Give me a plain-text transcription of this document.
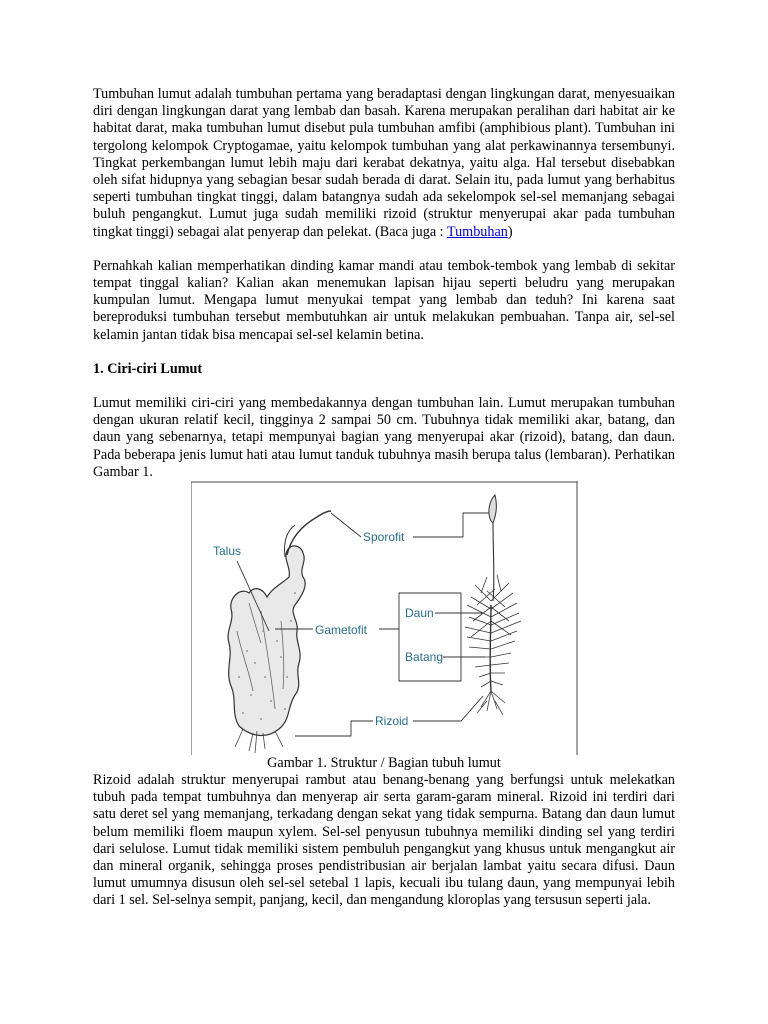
Tumbuhan lumut adalah tumbuhan pertama yang beradaptasi dengan lingkungan darat, menyesuaikan diri dengan lingkungan darat yang lembab dan basah. Karena merupakan peralihan dari habitat air ke habitat darat, maka tumbuhan lumut disebut pula tumbuhan amfibi (amphibious plant). Tumbuhan ini tergolong kelompok Cryptogamae, yaitu kelompok tumbuhan yang alat perkawinannya tersembunyi. Tingkat perkembangan lumut lebih maju dari kerabat dekatnya, yaitu alga. Hal tersebut disebabkan oleh sifat hidupnya yang sebagian besar sudah berada di darat. Selain itu, pada lumut yang berhabitus seperti tumbuhan tingkat tinggi, dalam batangnya sudah ada sekelompok sel-sel memanjang sebagai buluh pengangkut. Lumut juga sudah memiliki rizoid (struktur menyerupai akar pada tumbuhan tingkat tinggi) sebagai alat penyerap dan pelekat. (Baca juga : Tumbuhan)

Pernahkah kalian memperhatikan dinding kamar mandi atau tembok-tembok yang lembab di sekitar tempat tinggal kalian? Kalian akan menemukan lapisan hijau seperti beludru yang merupakan kumpulan lumut. Mengapa lumut menyukai tempat yang lembab dan teduh? Ini karena saat bereproduksi tumbuhan tersebut membutuhkan air untuk melakukan pembuahan. Tanpa air, sel-sel kelamin jantan tidak bisa mencapai sel-sel kelamin betina.

1. Ciri-ciri Lumut

Lumut memiliki ciri-ciri yang membedakannya dengan tumbuhan lain. Lumut merupakan tumbuhan dengan ukuran relatif kecil, tingginya 2 sampai 50 cm. Tubuhnya tidak memiliki akar, batang, dan daun yang sebenarnya, tetapi mempunyai bagian yang menyerupai akar (rizoid), batang, dan daun. Pada beberapa jenis lumut hati atau lumut tanduk tubuhnya masih berupa talus (lembaran). Perhatikan Gambar 1.

Talus
Sporofit
Gametofit
Daun
Batang
Rizoid

Gambar 1. Struktur / Bagian tubuh lumut

Rizoid adalah struktur menyerupai rambut atau benang-benang yang berfungsi untuk melekatkan tubuh pada tempat tumbuhnya dan menyerap air serta garam-garam mineral. Rizoid ini terdiri dari satu deret sel yang memanjang, terkadang dengan sekat yang tidak sempurna. Batang dan daun lumut belum memiliki floem maupun xylem. Sel-sel penyusun tubuhnya memiliki dinding sel yang terdiri dari selulose. Lumut tidak memiliki sistem pembuluh pengangkut yang khusus untuk mengangkut air dan mineral organik, sehingga proses pendistribusian air berjalan lambat yaitu secara difusi. Daun lumut umumnya disusun oleh sel-sel setebal 1 lapis, kecuali ibu tulang daun, yang mempunyai lebih dari 1 sel. Sel-selnya sempit, panjang, kecil, dan mengandung kloroplas yang tersusun seperti jala.
